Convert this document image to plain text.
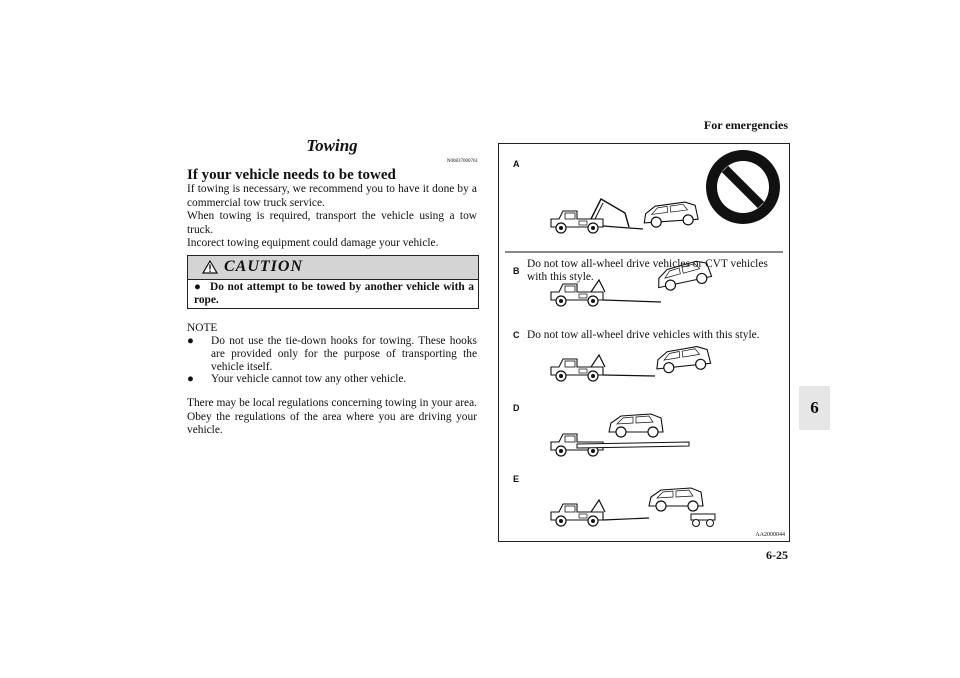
For emergencies
6
6-25
Towing
N00837000761
If your vehicle needs to be towed
If towing is necessary, we recommend you to have it done by a commercial tow truck service.
When towing is required, transport the vehicle using a tow truck.
Incorect towing equipment could damage your vehicle.
CAUTION
● Do not attempt to be towed by another vehicle with a rope.
NOTE
● Do not use the tie-down hooks for towing. These hooks are provided only for the purpose of transporting the vehicle itself.
● Your vehicle cannot tow any other vehicle.
There may be local regulations concerning towing in your area. Obey the regulations of the area where you are driving your vehicle.
A
B
Do not tow all-wheel drive vehicles or CVT vehicles with this style.
C Do not tow all-wheel drive vehicles with this style.
D
E
AA2000044
